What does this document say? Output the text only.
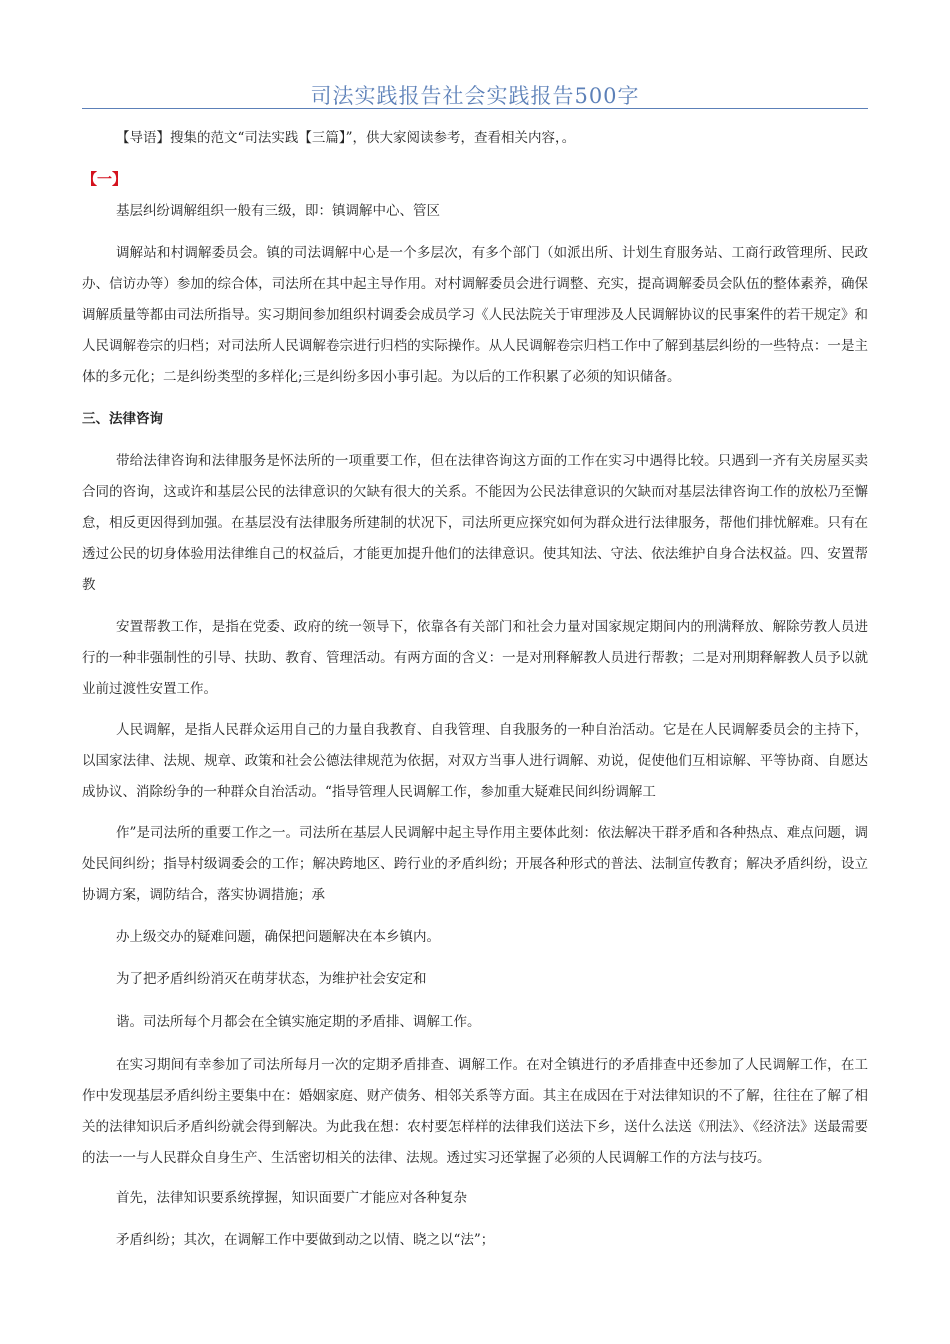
司法实践报告社会实践报告500字

【导语】搜集的范文“司法实践【三篇】”，供大家阅读参考，查看相关内容，。

【一】

基层纠纷调解组织一般有三级，即：镇调解中心、管区

调解站和村调解委员会。镇的司法调解中心是一个多层次，有多个部门（如派出所、计划生育服务站、工商行政管理所、民政办、信访办等）参加的综合体，司法所在其中起主导作用。对村调解委员会进行调整、充实，提高调解委员会队伍的整体素养，确保调解质量等都由司法所指导。实习期间参加组织村调委会成员学习《人民法院关于审理涉及人民调解协议的民事案件的若干规定》和人民调解卷宗的归档；对司法所人民调解卷宗进行归档的实际操作。从人民调解卷宗归档工作中了解到基层纠纷的一些特点：一是主体的多元化；二是纠纷类型的多样化;三是纠纷多因小事引起。为以后的工作积累了必须的知识储备。

三、法律咨询

带给法律咨询和法律服务是怀法所的一项重要工作，但在法律咨询这方面的工作在实习中遇得比较。只遇到一齐有关房屋买卖合同的咨询，这或许和基层公民的法律意识的欠缺有很大的关系。不能因为公民法律意识的欠缺而对基层法律咨询工作的放松乃至懈怠，相反更因得到加强。在基层没有法律服务所建制的状况下，司法所更应探究如何为群众进行法律服务，帮他们排忧解难。只有在透过公民的切身体验用法律维自己的权益后，才能更加提升他们的法律意识。使其知法、守法、依法维护自身合法权益。四、安置帮教

安置帮教工作，是指在党委、政府的统一领导下，依靠各有关部门和社会力量对国家规定期间内的刑满释放、解除劳教人员进行的一种非强制性的引导、扶助、教育、管理活动。有两方面的含义：一是对刑释解教人员进行帮教；二是对刑期释解教人员予以就业前过渡性安置工作。

人民调解，是指人民群众运用自己的力量自我教育、自我管理、自我服务的一种自治活动。它是在人民调解委员会的主持下，以国家法律、法规、规章、政策和社会公德法律规范为依据，对双方当事人进行调解、劝说，促使他们互相谅解、平等协商、自愿达成协议、消除纷争的一种群众自治活动。“指导管理人民调解工作，参加重大疑难民间纠纷调解工

作”是司法所的重要工作之一。司法所在基层人民调解中起主导作用主要体此刻：依法解决干群矛盾和各种热点、难点问题，调处民间纠纷；指导村级调委会的工作；解决跨地区、跨行业的矛盾纠纷；开展各种形式的普法、法制宣传教育；解决矛盾纠纷，设立协调方案，调防结合，落实协调措施；承

办上级交办的疑难问题，确保把问题解决在本乡镇内。

为了把矛盾纠纷消灭在萌芽状态，为维护社会安定和

谐。司法所每个月都会在全镇实施定期的矛盾排、调解工作。

在实习期间有幸参加了司法所每月一次的定期矛盾排查、调解工作。在对全镇进行的矛盾排查中还参加了人民调解工作，在工作中发现基层矛盾纠纷主要集中在：婚姻家庭、财产债务、相邻关系等方面。其主在成因在于对法律知识的不了解，往往在了解了相关的法律知识后矛盾纠纷就会得到解决。为此我在想：农村要怎样样的法律我们送法下乡，送什么法送《刑法》、《经济法》送最需要的法一一与人民群众自身生产、生活密切相关的法律、法规。透过实习还掌握了必须的人民调解工作的方法与技巧。

首先，法律知识要系统撑握，知识面要广才能应对各种复杂

矛盾纠纷；其次，在调解工作中要做到动之以情、晓之以“法”；
